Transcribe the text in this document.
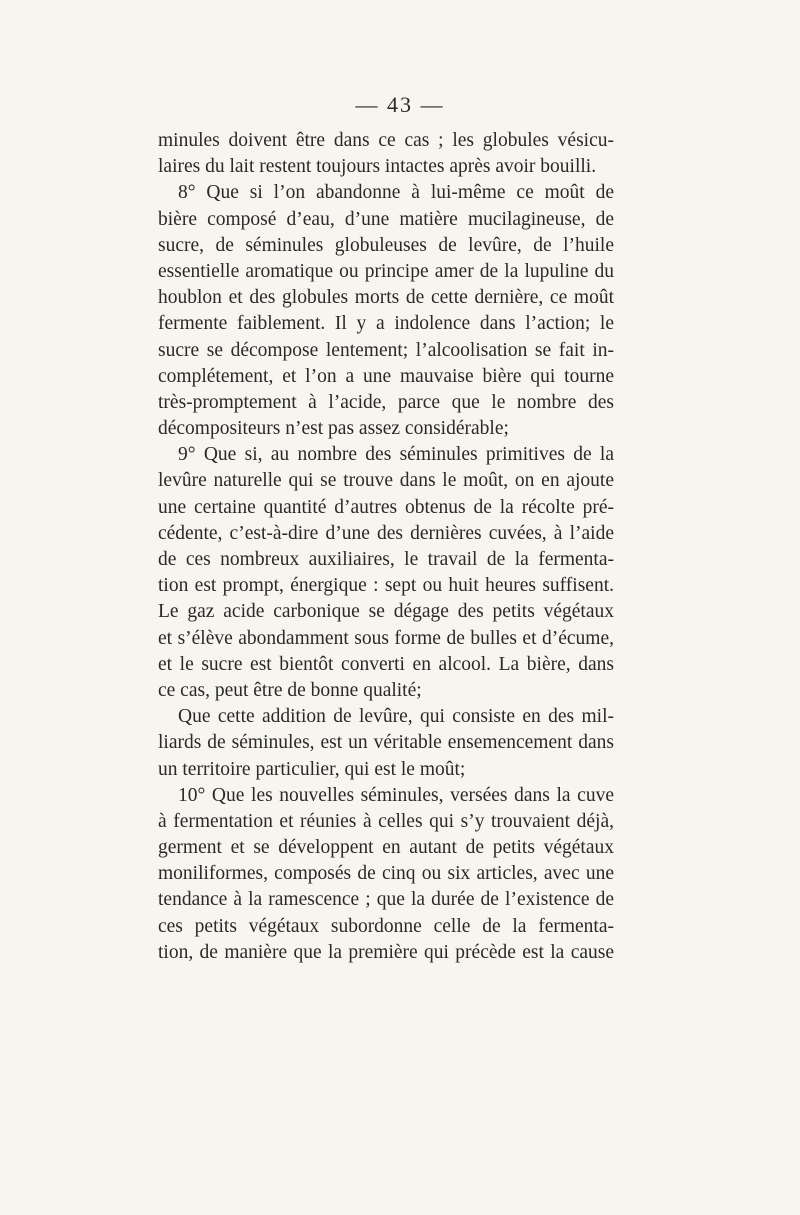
— 43 —
minules doivent être dans ce cas ; les globules vésicu-
laires du lait restent toujours intactes après avoir bouilli.
8° Que si l’on abandonne à lui-même ce moût de
bière composé d’eau, d’une matière mucilagineuse, de
sucre, de séminules globuleuses de levûre, de l’huile
essentielle aromatique ou principe amer de la lupuline du
houblon et des globules morts de cette dernière, ce moût
fermente faiblement. Il y a indolence dans l’action; le
sucre se décompose lentement; l’alcoolisation se fait in-
complétement, et l’on a une mauvaise bière qui tourne
très-promptement à l’acide, parce que le nombre des
décompositeurs n’est pas assez considérable;
9° Que si, au nombre des séminules primitives de la
levûre naturelle qui se trouve dans le moût, on en ajoute
une certaine quantité d’autres obtenus de la récolte pré-
cédente, c’est-à-dire d’une des dernières cuvées, à l’aide
de ces nombreux auxiliaires, le travail de la fermenta-
tion est prompt, énergique : sept ou huit heures suffisent.
Le gaz acide carbonique se dégage des petits végétaux
et s’élève abondamment sous forme de bulles et d’écume,
et le sucre est bientôt converti en alcool. La bière, dans
ce cas, peut être de bonne qualité;
Que cette addition de levûre, qui consiste en des mil-
liards de séminules, est un véritable ensemencement dans
un territoire particulier, qui est le moût;
10° Que les nouvelles séminules, versées dans la cuve
à fermentation et réunies à celles qui s’y trouvaient déjà,
germent et se développent en autant de petits végétaux
moniliformes, composés de cinq ou six articles, avec une
tendance à la ramescence ; que la durée de l’existence de
ces petits végétaux subordonne celle de la fermenta-
tion, de manière que la première qui précède est la cause
